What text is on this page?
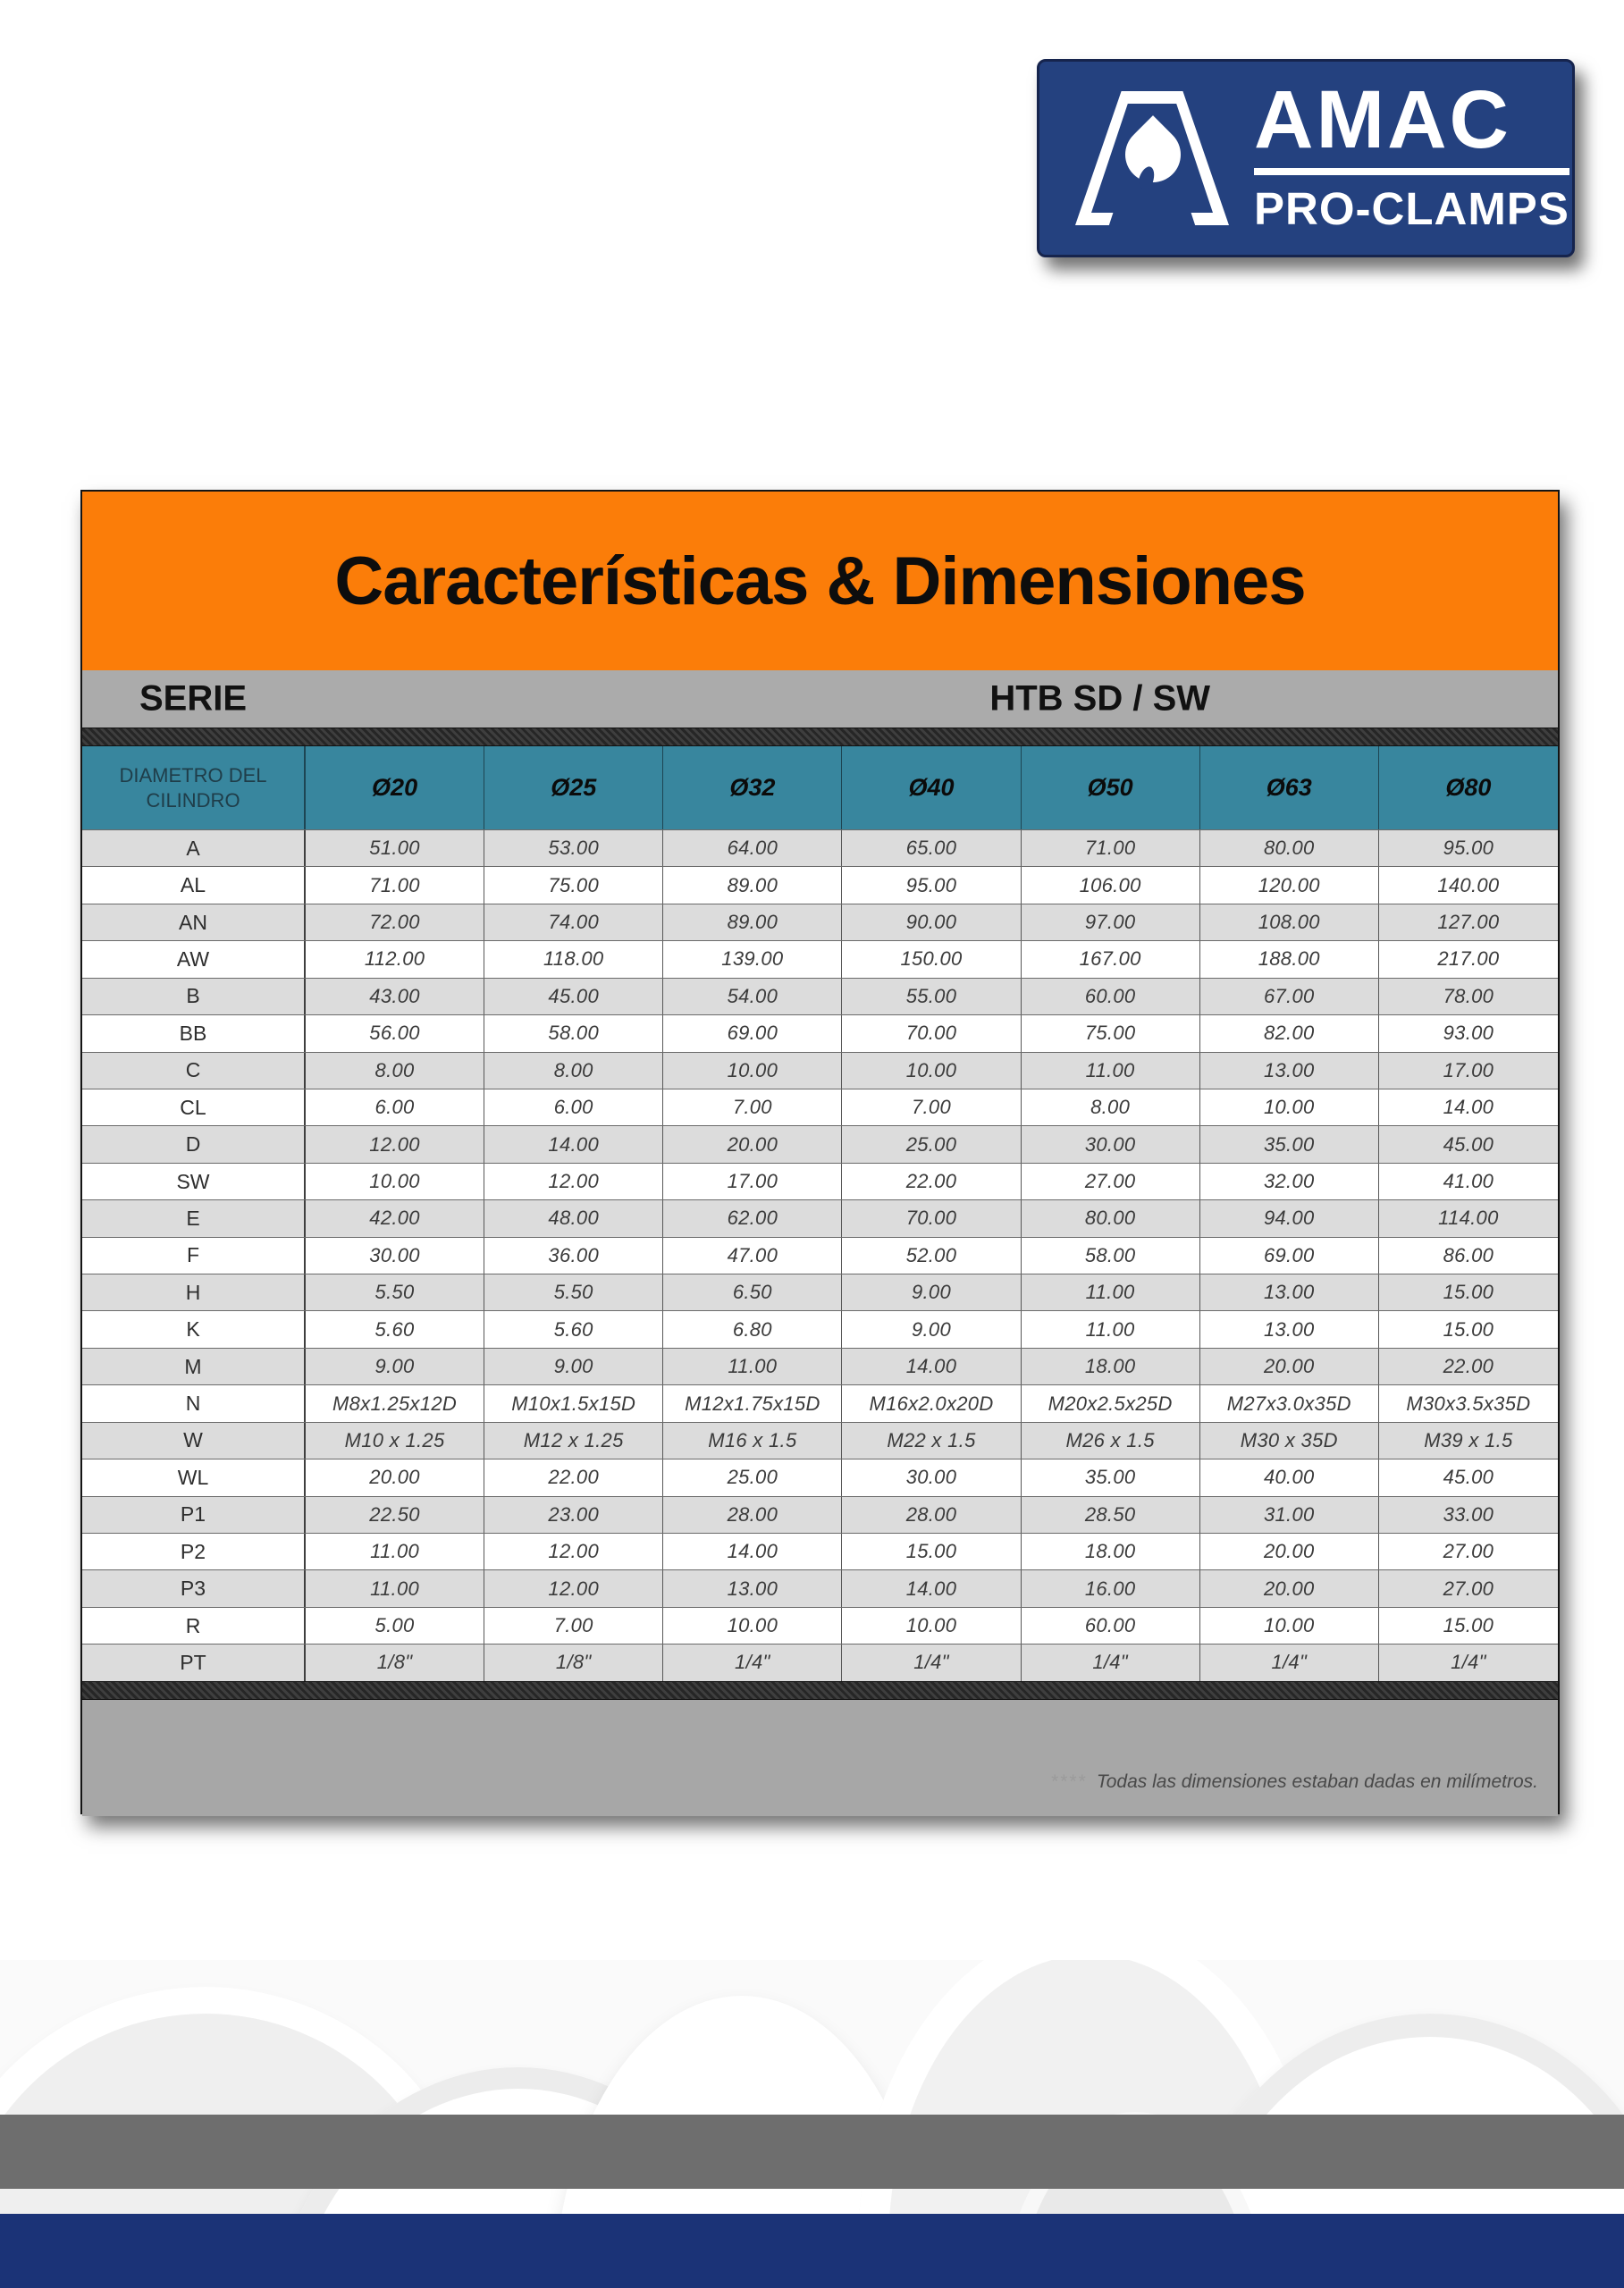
AMAC
PRO-CLAMPS
Características & Dimensiones
SERIE	HTB SD / SW
DIAMETRO DEL CILINDRO	Ø20	Ø25	Ø32	Ø40	Ø50	Ø63	Ø80
A	51.00	53.00	64.00	65.00	71.00	80.00	95.00
AL	71.00	75.00	89.00	95.00	106.00	120.00	140.00
AN	72.00	74.00	89.00	90.00	97.00	108.00	127.00
AW	112.00	118.00	139.00	150.00	167.00	188.00	217.00
B	43.00	45.00	54.00	55.00	60.00	67.00	78.00
BB	56.00	58.00	69.00	70.00	75.00	82.00	93.00
C	8.00	8.00	10.00	10.00	11.00	13.00	17.00
CL	6.00	6.00	7.00	7.00	8.00	10.00	14.00
D	12.00	14.00	20.00	25.00	30.00	35.00	45.00
SW	10.00	12.00	17.00	22.00	27.00	32.00	41.00
E	42.00	48.00	62.00	70.00	80.00	94.00	114.00
F	30.00	36.00	47.00	52.00	58.00	69.00	86.00
H	5.50	5.50	6.50	9.00	11.00	13.00	15.00
K	5.60	5.60	6.80	9.00	11.00	13.00	15.00
M	9.00	9.00	11.00	14.00	18.00	20.00	22.00
N	M8x1.25x12D	M10x1.5x15D	M12x1.75x15D	M16x2.0x20D	M20x2.5x25D	M27x3.0x35D	M30x3.5x35D
W	M10 x 1.25	M12 x 1.25	M16 x 1.5	M22 x 1.5	M26 x 1.5	M30 x 35D	M39 x 1.5
WL	20.00	22.00	25.00	30.00	35.00	40.00	45.00
P1	22.50	23.00	28.00	28.00	28.50	31.00	33.00
P2	11.00	12.00	14.00	15.00	18.00	20.00	27.00
P3	11.00	12.00	13.00	14.00	16.00	20.00	27.00
R	5.00	7.00	10.00	10.00	60.00	10.00	15.00
PT	1/8"	1/8"	1/4"	1/4"	1/4"	1/4"	1/4"
**** Todas las dimensiones estaban dadas en milímetros.
